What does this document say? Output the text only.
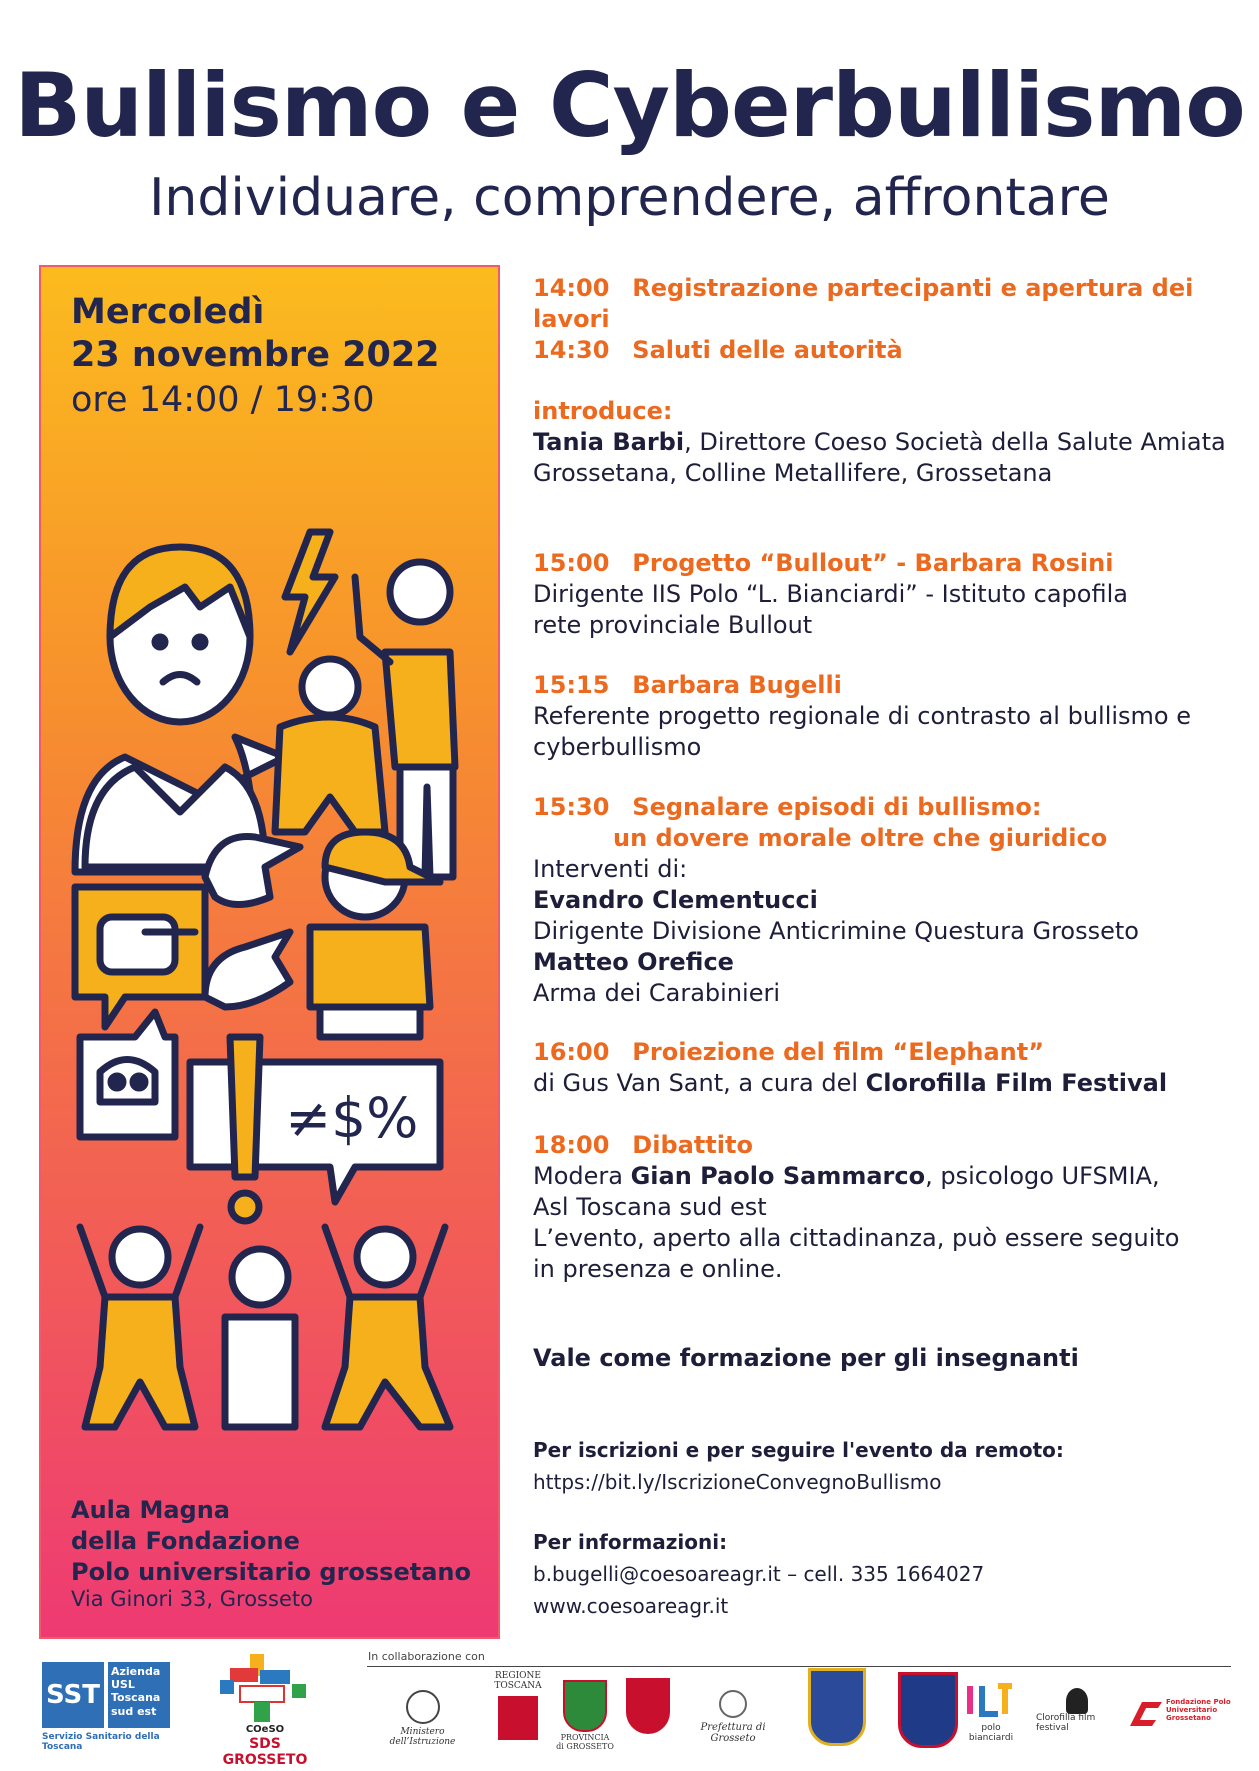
Bullismo e Cyberbullismo
Individuare, comprendere, affrontare
Mercoledì
23 novembre 2022
ore 14:00 / 19:30
≠$%
Aula Magna
della Fondazione
Polo universitario grossetano
Via Ginori 33, Grosseto
14:00 Registrazione partecipanti e apertura dei lavori
14:30 Saluti delle autorità
introduce:
Tania Barbi, Direttore Coeso Società della Salute Amiata
Grossetana, Colline Metallifere, Grossetana
15:00 Progetto “Bullout” - Barbara Rosini
Dirigente IIS Polo “L. Bianciardi” - Istituto capofila
rete provinciale Bullout
15:15 Barbara Bugelli
Referente progetto regionale di contrasto al bullismo e
cyberbullismo
15:30 Segnalare episodi di bullismo:
un dovere morale oltre che giuridico
Interventi di:
Evandro Clementucci
Dirigente Divisione Anticrimine Questura Grosseto
Matteo Orefice
Arma dei Carabinieri
16:00 Proiezione del film “Elephant”
di Gus Van Sant, a cura del Clorofilla Film Festival
18:00 Dibattito
Modera Gian Paolo Sammarco, psicologo UFSMIA,
Asl Toscana sud est
L’evento, aperto alla cittadinanza, può essere seguito
in presenza e online.
Vale come formazione per gli insegnanti
Per iscrizioni e per seguire l'evento da remoto:
https://bit.ly/IscrizioneConvegnoBullismo
Per informazioni:
b.bugelli@coesoareagr.it – cell. 335 1664027
www.coesoareagr.it
In collaborazione con
SST
Azienda USL Toscana sud est
Servizio Sanitario della Toscana
COeSO
SDS GROSSETO
Ministero dell’Istruzione
REGIONE TOSCANA
PROVINCIA di GROSSETO
Prefettura di Grosseto
polo bianciardi
Clorofilla film festival
Fondazione Polo Universitario Grossetano
